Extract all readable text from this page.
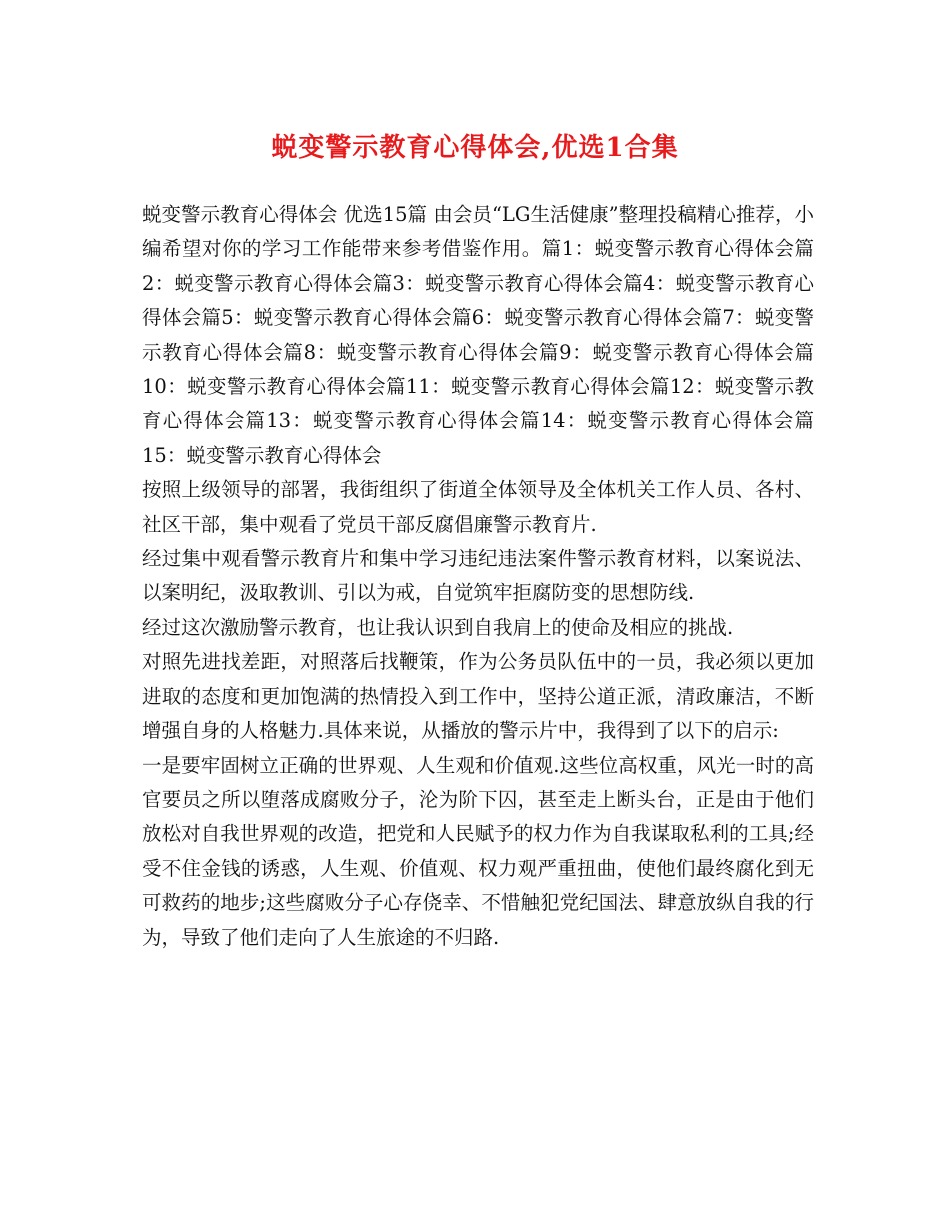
蜕变警示教育心得体会,优选1合集

蜕变警示教育心得体会 优选15篇 由会员“LG生活健康”整理投稿精心推荐，小编希望对你的学习工作能带来参考借鉴作用。篇1：蜕变警示教育心得体会篇2：蜕变警示教育心得体会篇3：蜕变警示教育心得体会篇4：蜕变警示教育心得体会篇5：蜕变警示教育心得体会篇6：蜕变警示教育心得体会篇7：蜕变警示教育心得体会篇8：蜕变警示教育心得体会篇9：蜕变警示教育心得体会篇10：蜕变警示教育心得体会篇11：蜕变警示教育心得体会篇12：蜕变警示教育心得体会篇13：蜕变警示教育心得体会篇14：蜕变警示教育心得体会篇15：蜕变警示教育心得体会

按照上级领导的部署，我街组织了街道全体领导及全体机关工作人员、各村、社区干部，集中观看了党员干部反腐倡廉警示教育片.

经过集中观看警示教育片和集中学习违纪违法案件警示教育材料，以案说法、以案明纪，汲取教训、引以为戒，自觉筑牢拒腐防变的思想防线.

经过这次激励警示教育，也让我认识到自我肩上的使命及相应的挑战.

对照先进找差距，对照落后找鞭策，作为公务员队伍中的一员，我必须以更加进取的态度和更加饱满的热情投入到工作中，坚持公道正派，清政廉洁，不断增强自身的人格魅力.具体来说，从播放的警示片中，我得到了以下的启示:

一是要牢固树立正确的世界观、人生观和价值观.这些位高权重，风光一时的高官要员之所以堕落成腐败分子，沦为阶下囚，甚至走上断头台，正是由于他们放松对自我世界观的改造，把党和人民赋予的权力作为自我谋取私利的工具;经受不住金钱的诱惑，人生观、价值观、权力观严重扭曲，使他们最终腐化到无可救药的地步;这些腐败分子心存侥幸、不惜触犯党纪国法、肆意放纵自我的行为，导致了他们走向了人生旅途的不归路.
